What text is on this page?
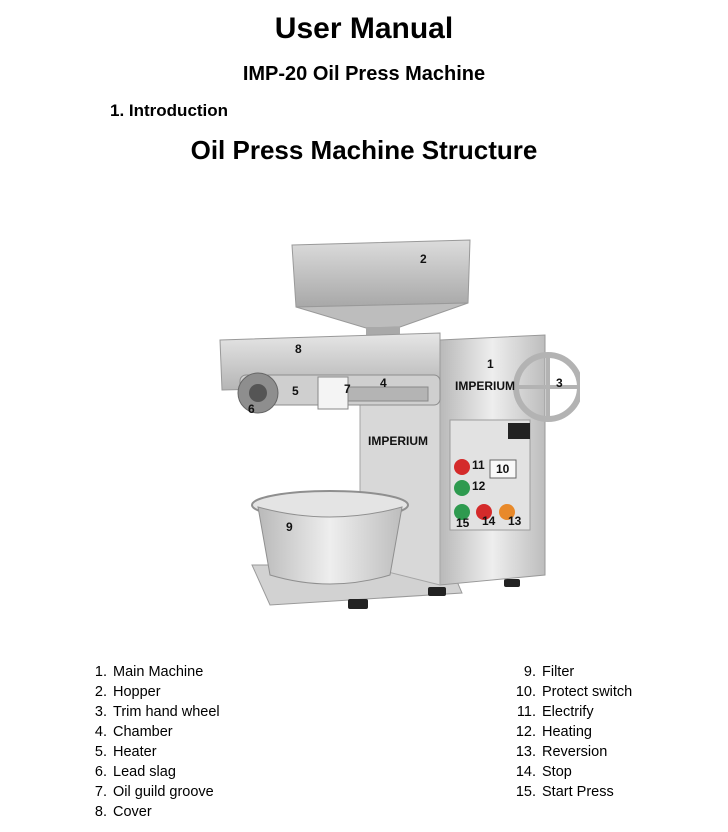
User Manual
IMP-20 Oil Press Machine
1. Introduction
Oil Press Machine Structure
IMPERIUM
IMPERIUM
1
2
3
4
5
6
7
8
9
10
11
12
13
14
15
1. Main Machine
2. Hopper
3. Trim hand wheel
4. Chamber
5. Heater
6. Lead slag
7. Oil guild groove
8. Cover
9. Filter
10. Protect switch
11. Electrify
12. Heating
13. Reversion
14. Stop
15. Start Press
